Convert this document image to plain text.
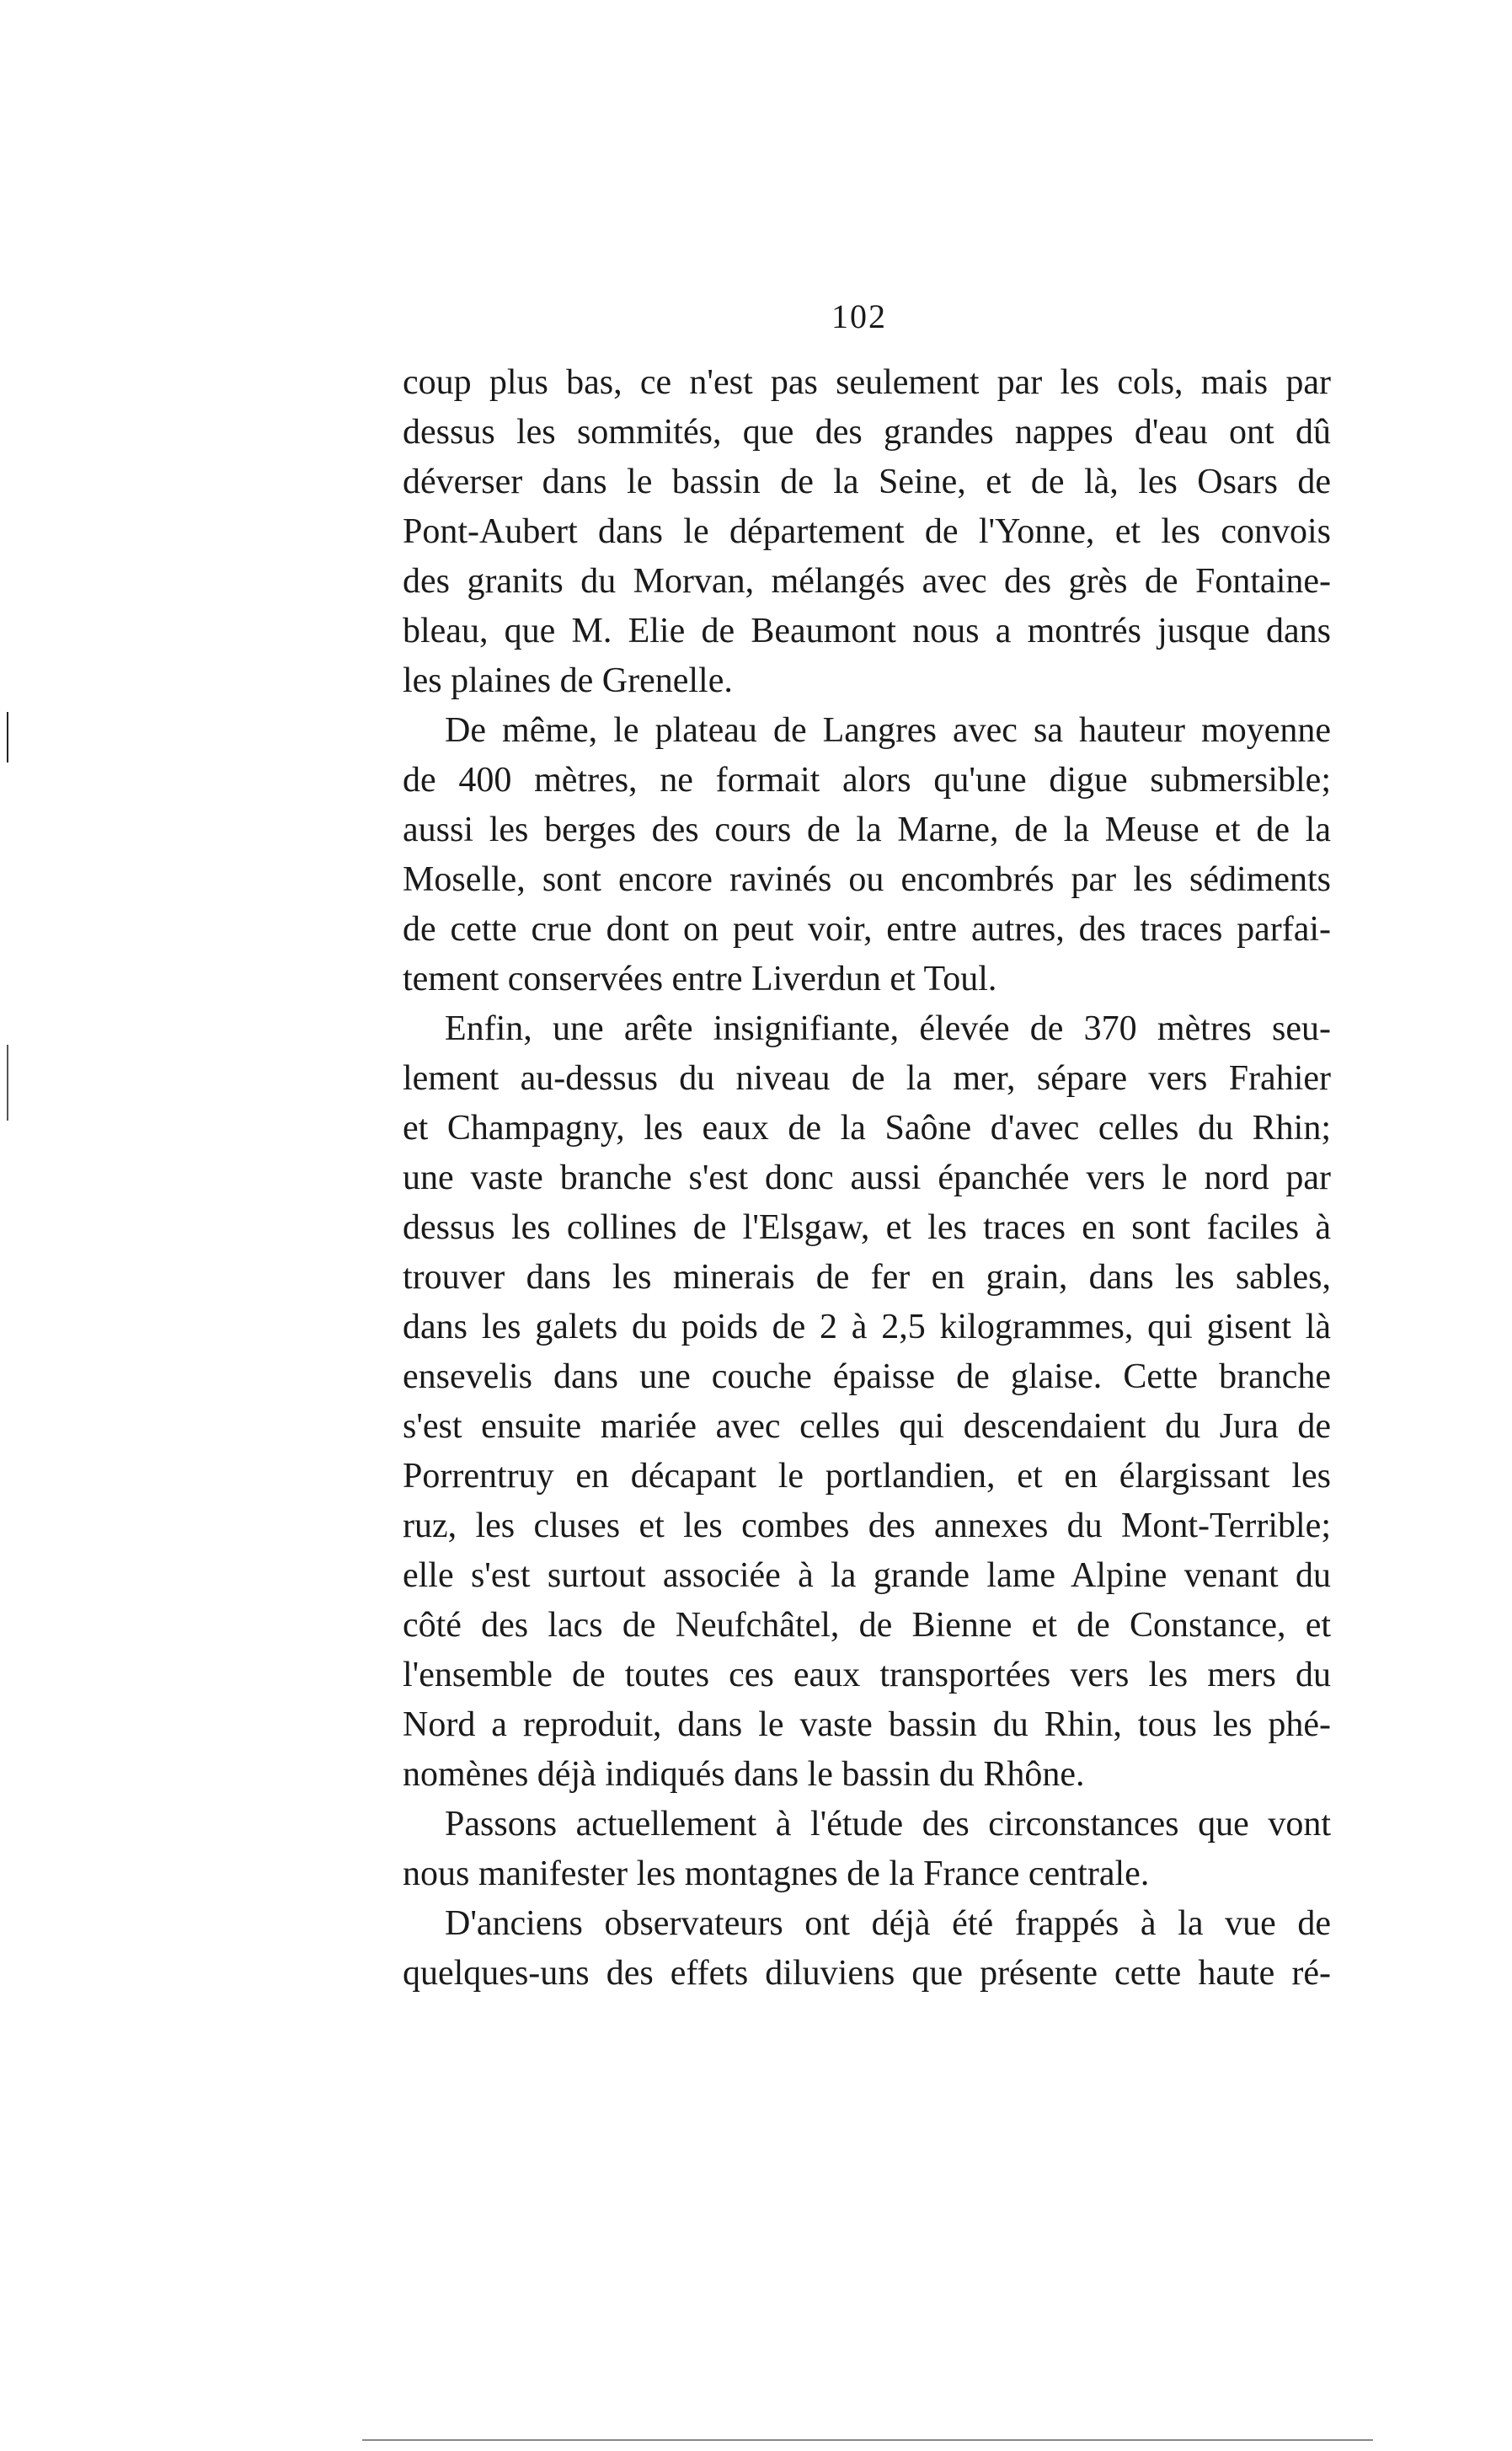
102
coup plus bas, ce n'est pas seulement par les cols, mais par
dessus les sommités, que des grandes nappes d'eau ont dû
déverser dans le bassin de la Seine, et de là, les Osars de
Pont-Aubert dans le département de l'Yonne, et les convois
des granits du Morvan, mélangés avec des grès de Fontaine-
bleau, que M. Elie de Beaumont nous a montrés jusque dans
les plaines de Grenelle.
De même, le plateau de Langres avec sa hauteur moyenne
de 400 mètres, ne formait alors qu'une digue submersible;
aussi les berges des cours de la Marne, de la Meuse et de la
Moselle, sont encore ravinés ou encombrés par les sédiments
de cette crue dont on peut voir, entre autres, des traces parfai-
tement conservées entre Liverdun et Toul.
Enfin, une arête insignifiante, élevée de 370 mètres seu-
lement au-dessus du niveau de la mer, sépare vers Frahier
et Champagny, les eaux de la Saône d'avec celles du Rhin;
une vaste branche s'est donc aussi épanchée vers le nord par
dessus les collines de l'Elsgaw, et les traces en sont faciles à
trouver dans les minerais de fer en grain, dans les sables,
dans les galets du poids de 2 à 2,5 kilogrammes, qui gisent là
ensevelis dans une couche épaisse de glaise. Cette branche
s'est ensuite mariée avec celles qui descendaient du Jura de
Porrentruy en décapant le portlandien, et en élargissant les
ruz, les cluses et les combes des annexes du Mont-Terrible;
elle s'est surtout associée à la grande lame Alpine venant du
côté des lacs de Neufchâtel, de Bienne et de Constance, et
l'ensemble de toutes ces eaux transportées vers les mers du
Nord a reproduit, dans le vaste bassin du Rhin, tous les phé-
nomènes déjà indiqués dans le bassin du Rhône.
Passons actuellement à l'étude des circonstances que vont
nous manifester les montagnes de la France centrale.
D'anciens observateurs ont déjà été frappés à la vue de
quelques-uns des effets diluviens que présente cette haute ré-
